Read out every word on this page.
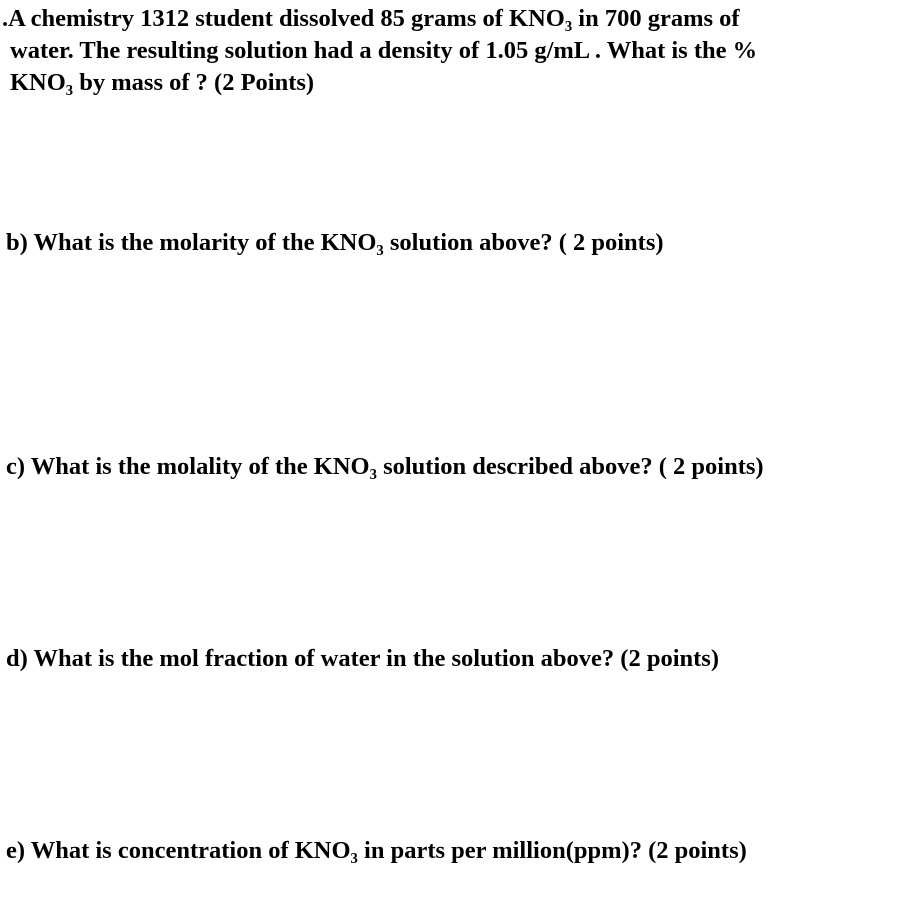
.A chemistry 1312 student dissolved 85 grams of KNO₃ in 700 grams of
water. The resulting solution had a density of 1.05 g/mL . What is the %
KNO₃ by mass of ? (2 Points)

b) What is the molarity of the KNO₃ solution above? ( 2 points)

c) What is the molality of the KNO₃ solution described above? ( 2 points)

d) What is the mol fraction of water in the solution above? (2 points)

e) What is concentration of KNO₃ in parts per million(ppm)? (2 points)
